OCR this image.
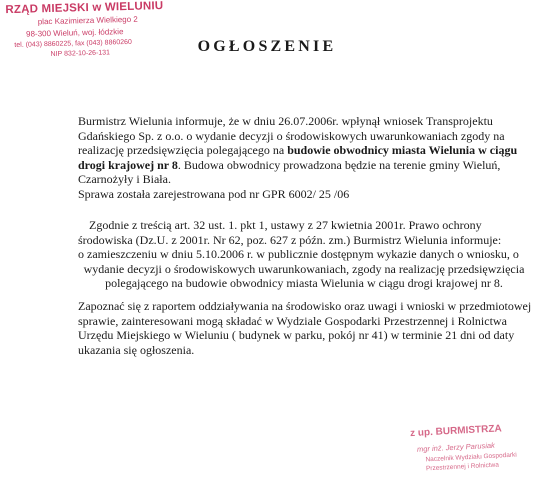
RZĄD MIEJSKI w WIELUNIU
plac Kazimierza Wielkiego 2
98-300 Wieluń, woj. łódzkie
tel. (043) 8860225, fax (043) 8860260
NIP 832-10-26-131	OGŁOSZENIE

Burmistrz Wielunia informuje, że w dniu 26.07.2006r. wpłynął wniosek Transprojektu
Gdańskiego Sp. z o.o. o wydanie decyzji o środowiskowych uwarunkowaniach zgody na
realizację przedsięwzięcia polegającego na budowie obwodnicy miasta Wielunia w ciągu
drogi krajowej nr 8. Budowa obwodnicy prowadzona będzie na terenie gminy Wieluń,
Czarnożyły i Biała.
Sprawa została zarejestrowana pod nr GPR 6002/ 25 /06

Zgodnie z treścią art. 32 ust. 1. pkt 1, ustawy z 27 kwietnia 2001r. Prawo ochrony
środowiska (Dz.U. z 2001r. Nr 62, poz. 627 z późn. zm.) Burmistrz Wielunia informuje:
o zamieszczeniu w dniu 5.10.2006 r. w publicznie dostępnym wykazie danych o wniosku, o
wydanie decyzji o środowiskowych uwarunkowaniach, zgody na realizację przedsięwzięcia
polegającego na budowie obwodnicy miasta Wielunia w ciągu drogi krajowej nr 8.

Zapoznać się z raportem oddziaływania na środowisko oraz uwagi i wnioski w przedmiotowej
sprawie, zainteresowani mogą składać w Wydziale Gospodarki Przestrzennej i Rolnictwa
Urzędu Miejskiego w Wieluniu ( budynek w parku, pokój nr 41) w terminie 21 dni od daty
ukazania się ogłoszenia.

z up. BURMISTRZA
mgr inż. Jerzy Parusiak
Naczelnik Wydziału Gospodarki
Przestrzennej i Rolnictwa
